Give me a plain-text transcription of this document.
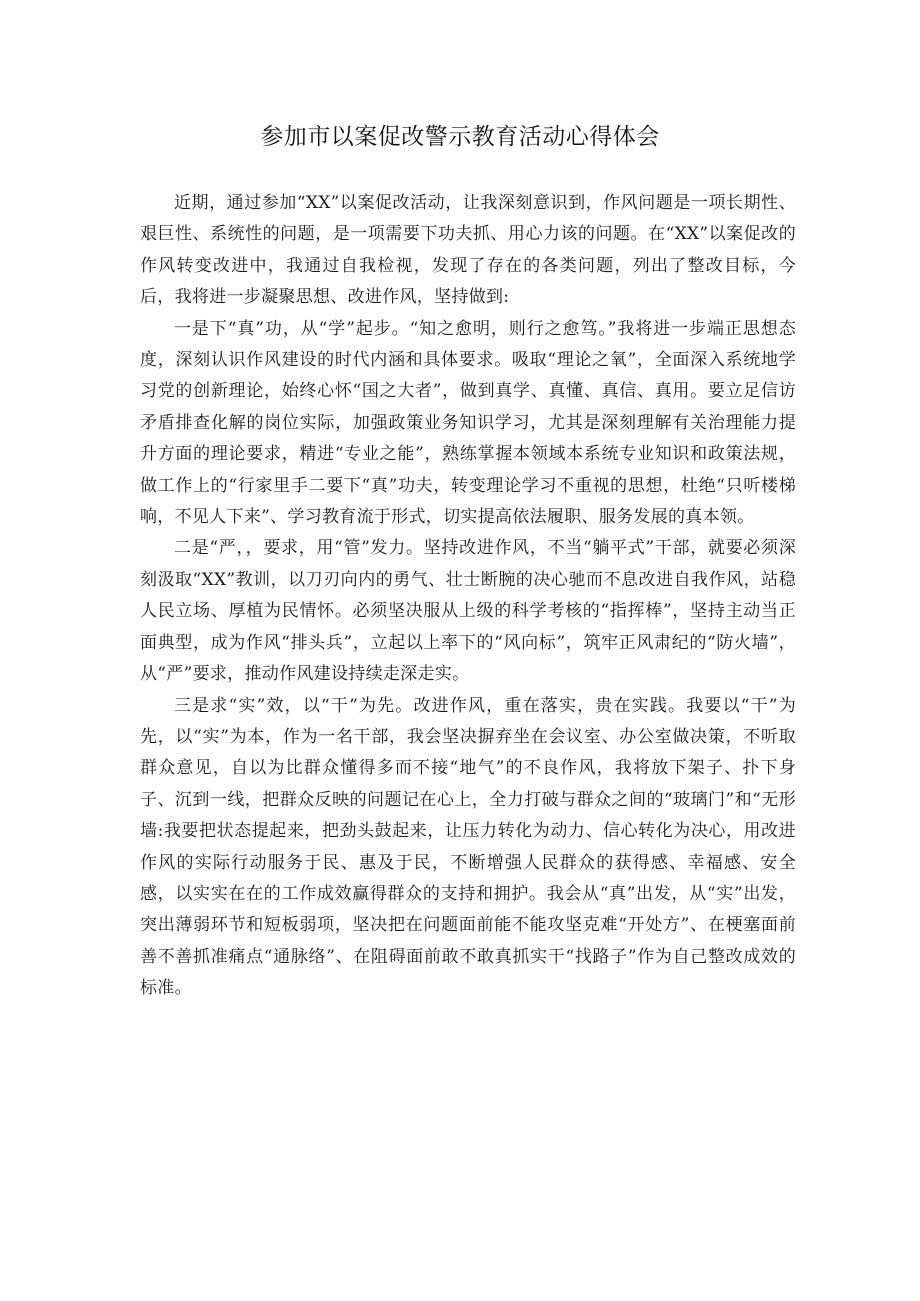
参加市以案促改警示教育活动心得体会

近期，通过参加“XX”以案促改活动，让我深刻意识到，作风问题是一项长期性、艰巨性、系统性的问题，是一项需要下功夫抓、用心力该的问题。在“XX”以案促改的作风转变改进中，我通过自我检视，发现了存在的各类问题，列出了整改目标，今后，我将进一步凝聚思想、改进作风，坚持做到:

一是下“真”功，从“学”起步。“知之愈明，则行之愈笃。”我将进一步端正思想态度，深刻认识作风建设的时代内涵和具体要求。吸取“理论之氧”，全面深入系统地学习党的创新理论，始终心怀“国之大者”，做到真学、真懂、真信、真用。要立足信访矛盾排查化解的岗位实际，加强政策业务知识学习，尤其是深刻理解有关治理能力提升方面的理论要求，精进“专业之能”，熟练掌握本领域本系统专业知识和政策法规，做工作上的“行家里手二要下“真”功夫，转变理论学习不重视的思想，杜绝“只听楼梯响，不见人下来”、学习教育流于形式，切实提高依法履职、服务发展的真本领。

二是“严，，要求，用“管”发力。坚持改进作风，不当“躺平式”干部，就要必须深刻汲取“XX”教训，以刀刃向内的勇气、壮士断腕的决心驰而不息改进自我作风，站稳人民立场、厚植为民情怀。必须坚决服从上级的科学考核的“指挥棒”，坚持主动当正面典型，成为作风“排头兵”，立起以上率下的“风向标”，筑牢正风肃纪的“防火墙”，从“严”要求，推动作风建设持续走深走实。

三是求“实”效，以“干”为先。改进作风，重在落实，贵在实践。我要以“干”为先，以“实”为本，作为一名干部，我会坚决摒弃坐在会议室、办公室做决策，不听取群众意见，自以为比群众懂得多而不接“地气”的不良作风，我将放下架子、扑下身子、沉到一线，把群众反映的问题记在心上，全力打破与群众之间的“玻璃门”和“无形墙:我要把状态提起来，把劲头鼓起来，让压力转化为动力、信心转化为决心，用改进作风的实际行动服务于民、惠及于民，不断增强人民群众的获得感、幸福感、安全感，以实实在在的工作成效赢得群众的支持和拥护。我会从“真”出发，从“实”出发，突出薄弱环节和短板弱项，坚决把在问题面前能不能攻坚克难“开处方”、在梗塞面前善不善抓准痛点“通脉络”、在阻碍面前敢不敢真抓实干“找路子”作为自己整改成效的标准。
